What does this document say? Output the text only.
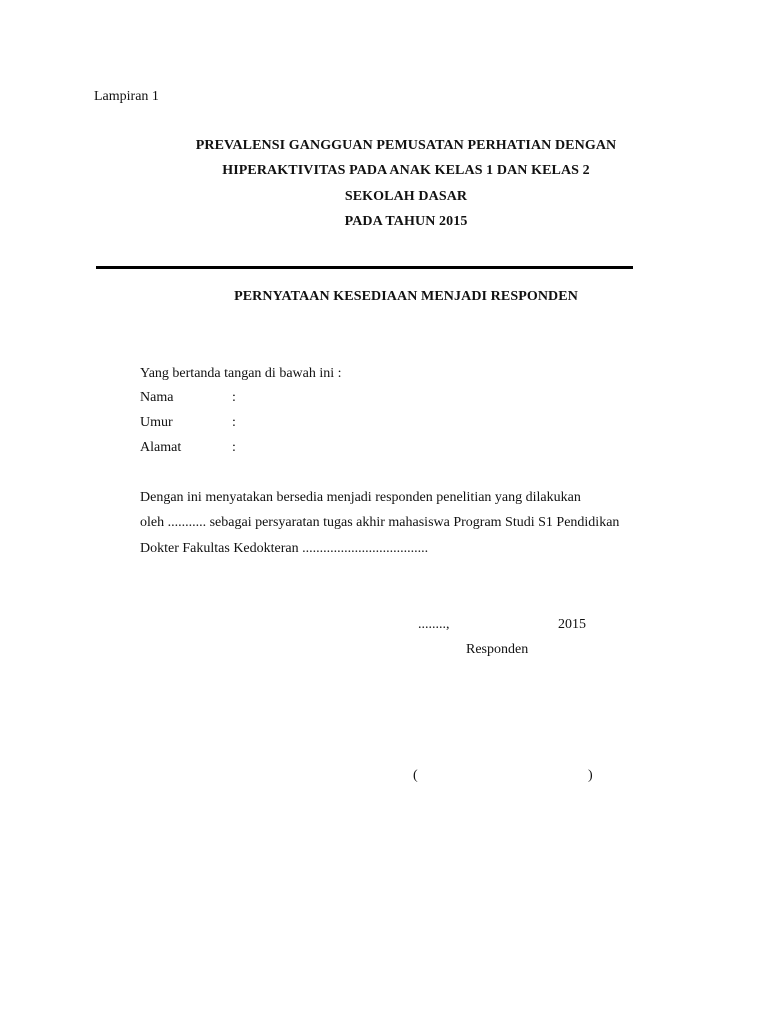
Lampiran 1
PREVALENSI GANGGUAN PEMUSATAN PERHATIAN DENGAN
HIPERAKTIVITAS PADA ANAK KELAS 1 DAN KELAS 2
SEKOLAH DASAR
PADA TAHUN 2015
PERNYATAAN KESEDIAAN MENJADI RESPONDEN
Yang bertanda tangan di bawah ini :
Nama	:
Umur	:
Alamat	:
Dengan ini menyatakan bersedia menjadi responden penelitian yang dilakukan
oleh ........... sebagai persyaratan tugas akhir mahasiswa Program Studi S1 Pendidikan
Dokter Fakultas Kedokteran ....................................
........,	2015
Responden
(	)
